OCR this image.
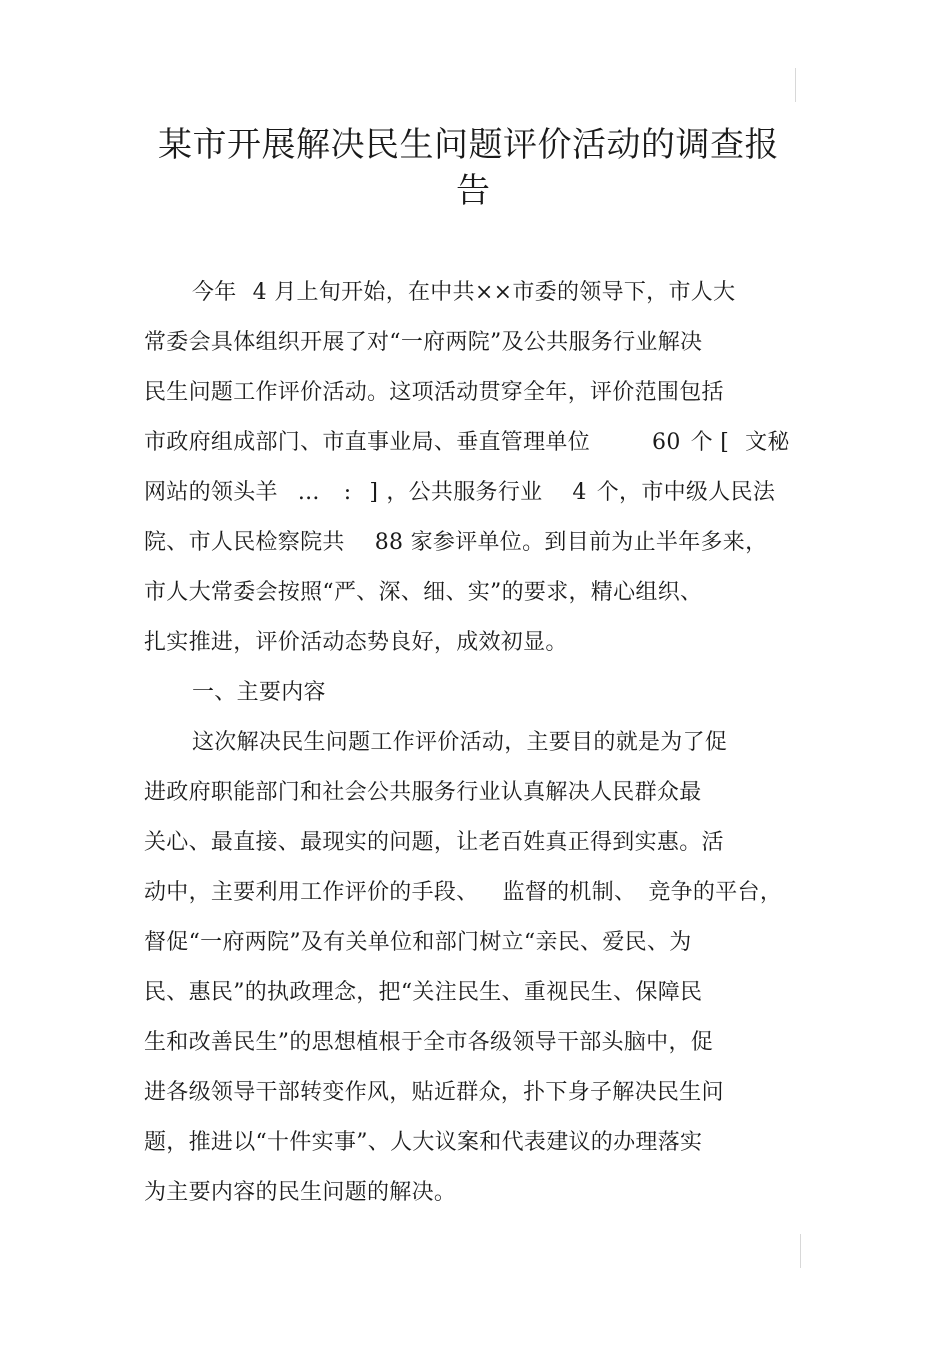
某市开展解决民生问题评价活动的调查报
告
今年 4 月上旬开始，在中共××市委的领导下，市人大
常委会具体组织开展了对“一府两院”及公共服务行业解决
民生问题工作评价活动。这项活动贯穿全年，评价范围包括
市政府组成部门、市直事业局、垂直管理单位	60 个 [ 文秘
网站的领头羊 ... : ] ，公共服务行业 4 个，市中级人民法
院、市人民检察院共 88 家参评单位。到目前为止半年多来，
市人大常委会按照“严、深、细、实”的要求，精心组织、
扎实推进，评价活动态势良好，成效初显。
一、主要内容
这次解决民生问题工作评价活动，主要目的就是为了促
进政府职能部门和社会公共服务行业认真解决人民群众最
关心、最直接、最现实的问题，让老百姓真正得到实惠。活
动中，主要利用工作评价的手段、 监督的机制、 竞争的平台，
督促“一府两院”及有关单位和部门树立“亲民、爱民、为
民、惠民”的执政理念，把“关注民生、重视民生、保障民
生和改善民生”的思想植根于全市各级领导干部头脑中，促
进各级领导干部转变作风，贴近群众，扑下身子解决民生问
题，推进以“十件实事”、人大议案和代表建议的办理落实
为主要内容的民生问题的解决。
